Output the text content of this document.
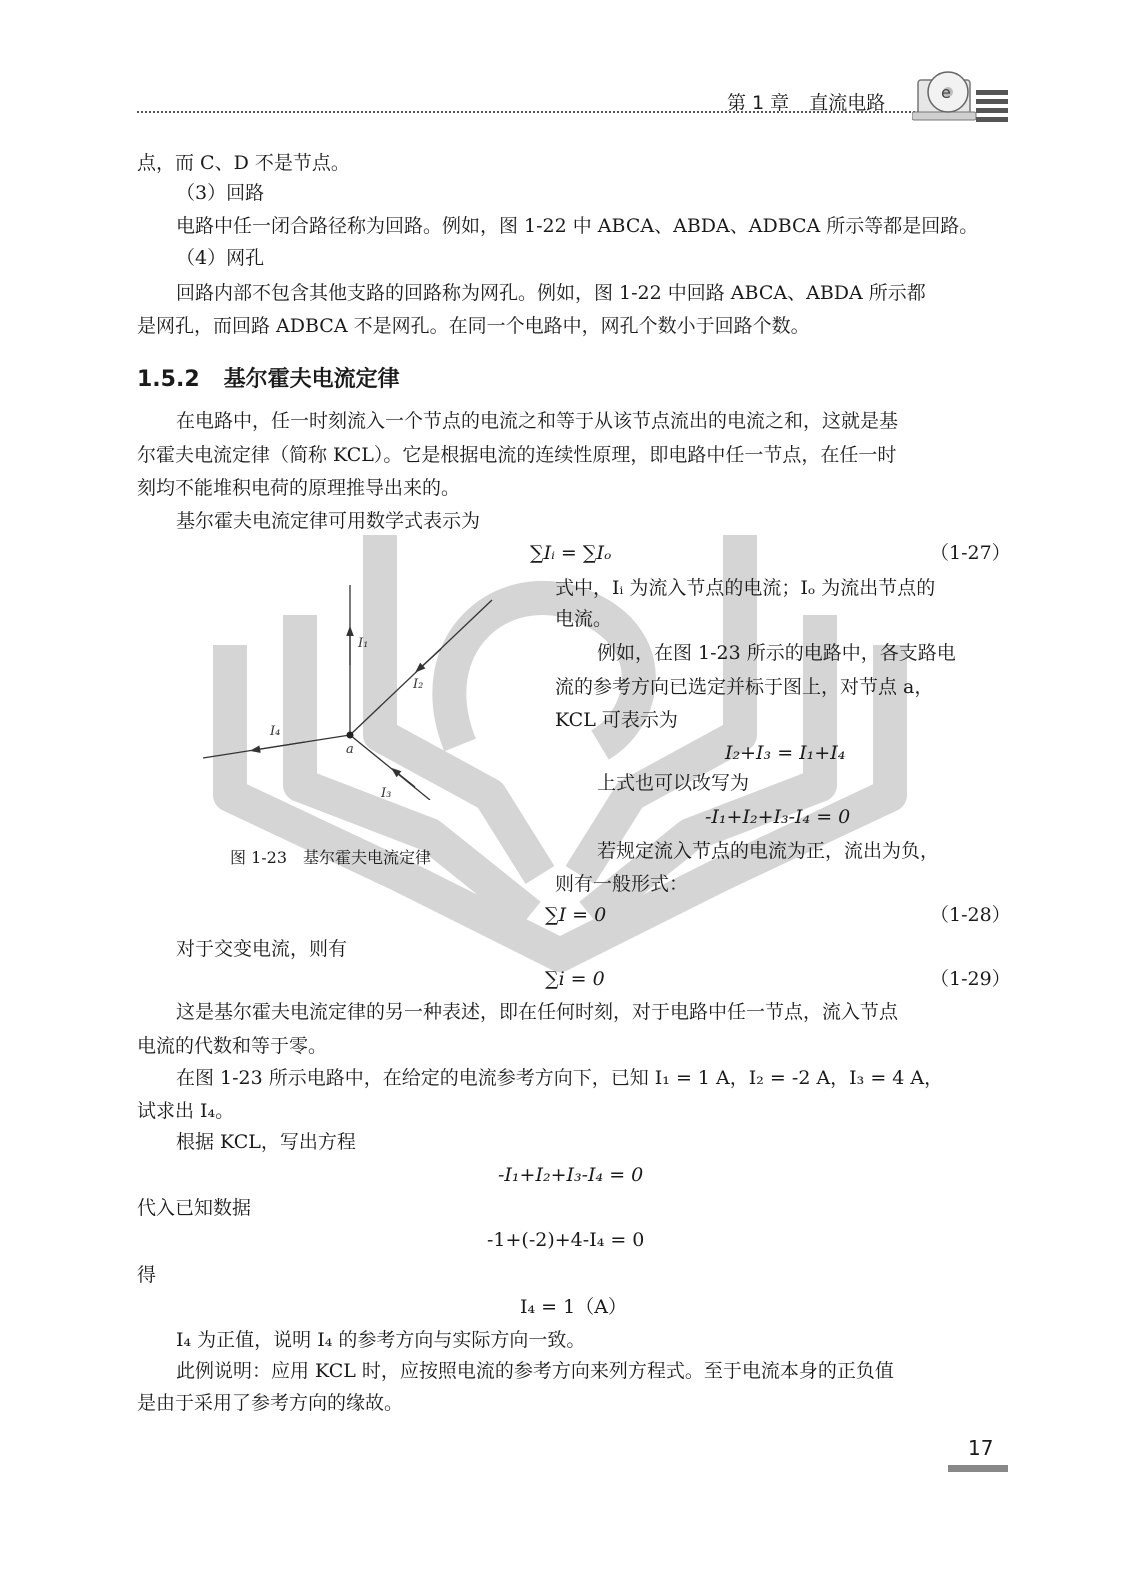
第 1 章 直流电路	e
点，而 C、D 不是节点。
（3）回路
电路中任一闭合路径称为回路。例如，图 1-22 中 ABCA、ABDA、ADBCA 所示等都是回路。
（4）网孔
回路内部不包含其他支路的回路称为网孔。例如，图 1-22 中回路 ABCA、ABDA 所示都
是网孔，而回路 ADBCA 不是网孔。在同一个电路中，网孔个数小于回路个数。
1.5.2 基尔霍夫电流定律
在电路中，任一时刻流入一个节点的电流之和等于从该节点流出的电流之和，这就是基
尔霍夫电流定律（简称 KCL）。它是根据电流的连续性原理，即电路中任一节点，在任一时
刻均不能堆积电荷的原理推导出来的。
基尔霍夫电流定律可用数学式表示为
∑Iᵢ = ∑Iₒ	（1-27）
式中，Iᵢ 为流入节点的电流；Iₒ 为流出节点的
电流。
例如，在图 1-23 所示的电路中，各支路电
流的参考方向已选定并标于图上，对节点 a，
KCL 可表示为
I₂+I₃ = I₁+I₄
上式也可以改写为
-I₁+I₂+I₃-I₄ = 0
若规定流入节点的电流为正，流出为负，
则有一般形式：
I₁
I₂
I₃
I₄
a
图 1-23　基尔霍夫电流定律
∑I = 0	（1-28）
对于交变电流，则有
∑i = 0	（1-29）
这是基尔霍夫电流定律的另一种表述，即在任何时刻，对于电路中任一节点，流入节点
电流的代数和等于零。
在图 1-23 所示电路中，在给定的电流参考方向下，已知 I₁ = 1 A，I₂ = -2 A，I₃ = 4 A，
试求出 I₄。
根据 KCL，写出方程
-I₁+I₂+I₃-I₄ = 0
代入已知数据
-1+(-2)+4-I₄ = 0
得
I₄ = 1（A）
I₄ 为正值，说明 I₄ 的参考方向与实际方向一致。
此例说明：应用 KCL 时，应按照电流的参考方向来列方程式。至于电流本身的正负值
是由于采用了参考方向的缘故。
17
